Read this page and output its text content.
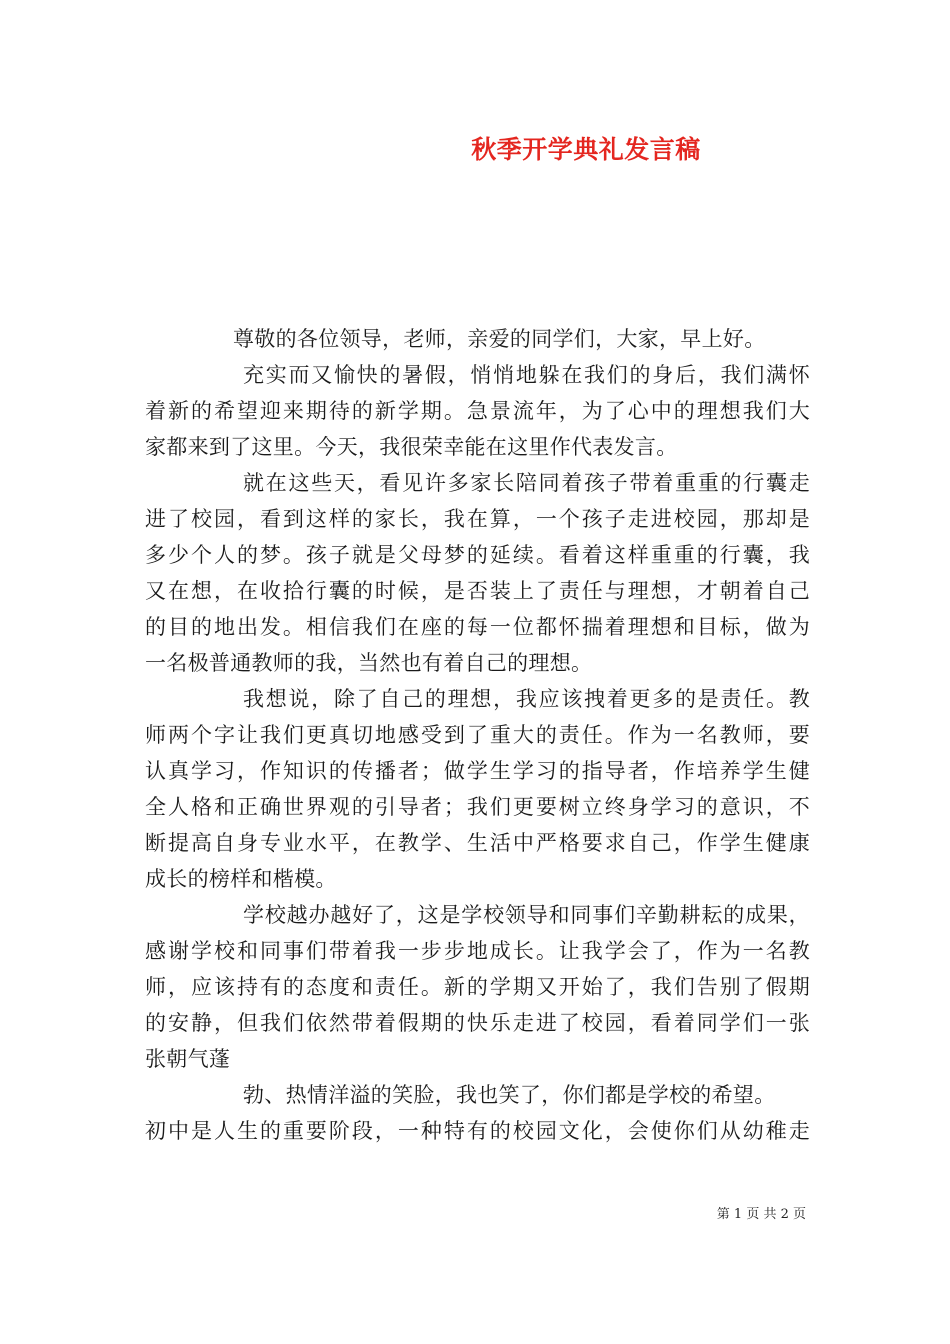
秋季开学典礼发言稿
尊敬的各位领导，老师，亲爱的同学们，大家，早上好。
充实而又愉快的暑假，悄悄地躲在我们的身后，我们满怀
着新的希望迎来期待的新学期。急景流年，为了心中的理想我们大
家都来到了这里。今天，我很荣幸能在这里作代表发言。
就在这些天，看见许多家长陪同着孩子带着重重的行囊走
进了校园，看到这样的家长，我在算，一个孩子走进校园，那却是
多少个人的梦。孩子就是父母梦的延续。看着这样重重的行囊，我
又在想，在收拾行囊的时候，是否装上了责任与理想，才朝着自己
的目的地出发。相信我们在座的每一位都怀揣着理想和目标，做为
一名极普通教师的我，当然也有着自己的理想。
我想说，除了自己的理想，我应该拽着更多的是责任。教
师两个字让我们更真切地感受到了重大的责任。作为一名教师，要
认真学习，作知识的传播者；做学生学习的指导者，作培养学生健
全人格和正确世界观的引导者；我们更要树立终身学习的意识，不
断提高自身专业水平，在教学、生活中严格要求自己，作学生健康
成长的榜样和楷模。
学校越办越好了，这是学校领导和同事们辛勤耕耘的成果，
感谢学校和同事们带着我一步步地成长。让我学会了，作为一名教
师，应该持有的态度和责任。新的学期又开始了，我们告别了假期
的安静，但我们依然带着假期的快乐走进了校园，看着同学们一张
张朝气蓬
勃、热情洋溢的笑脸，我也笑了，你们都是学校的希望。
初中是人生的重要阶段，一种特有的校园文化，会使你们从幼稚走
第 1 页 共 2 页
